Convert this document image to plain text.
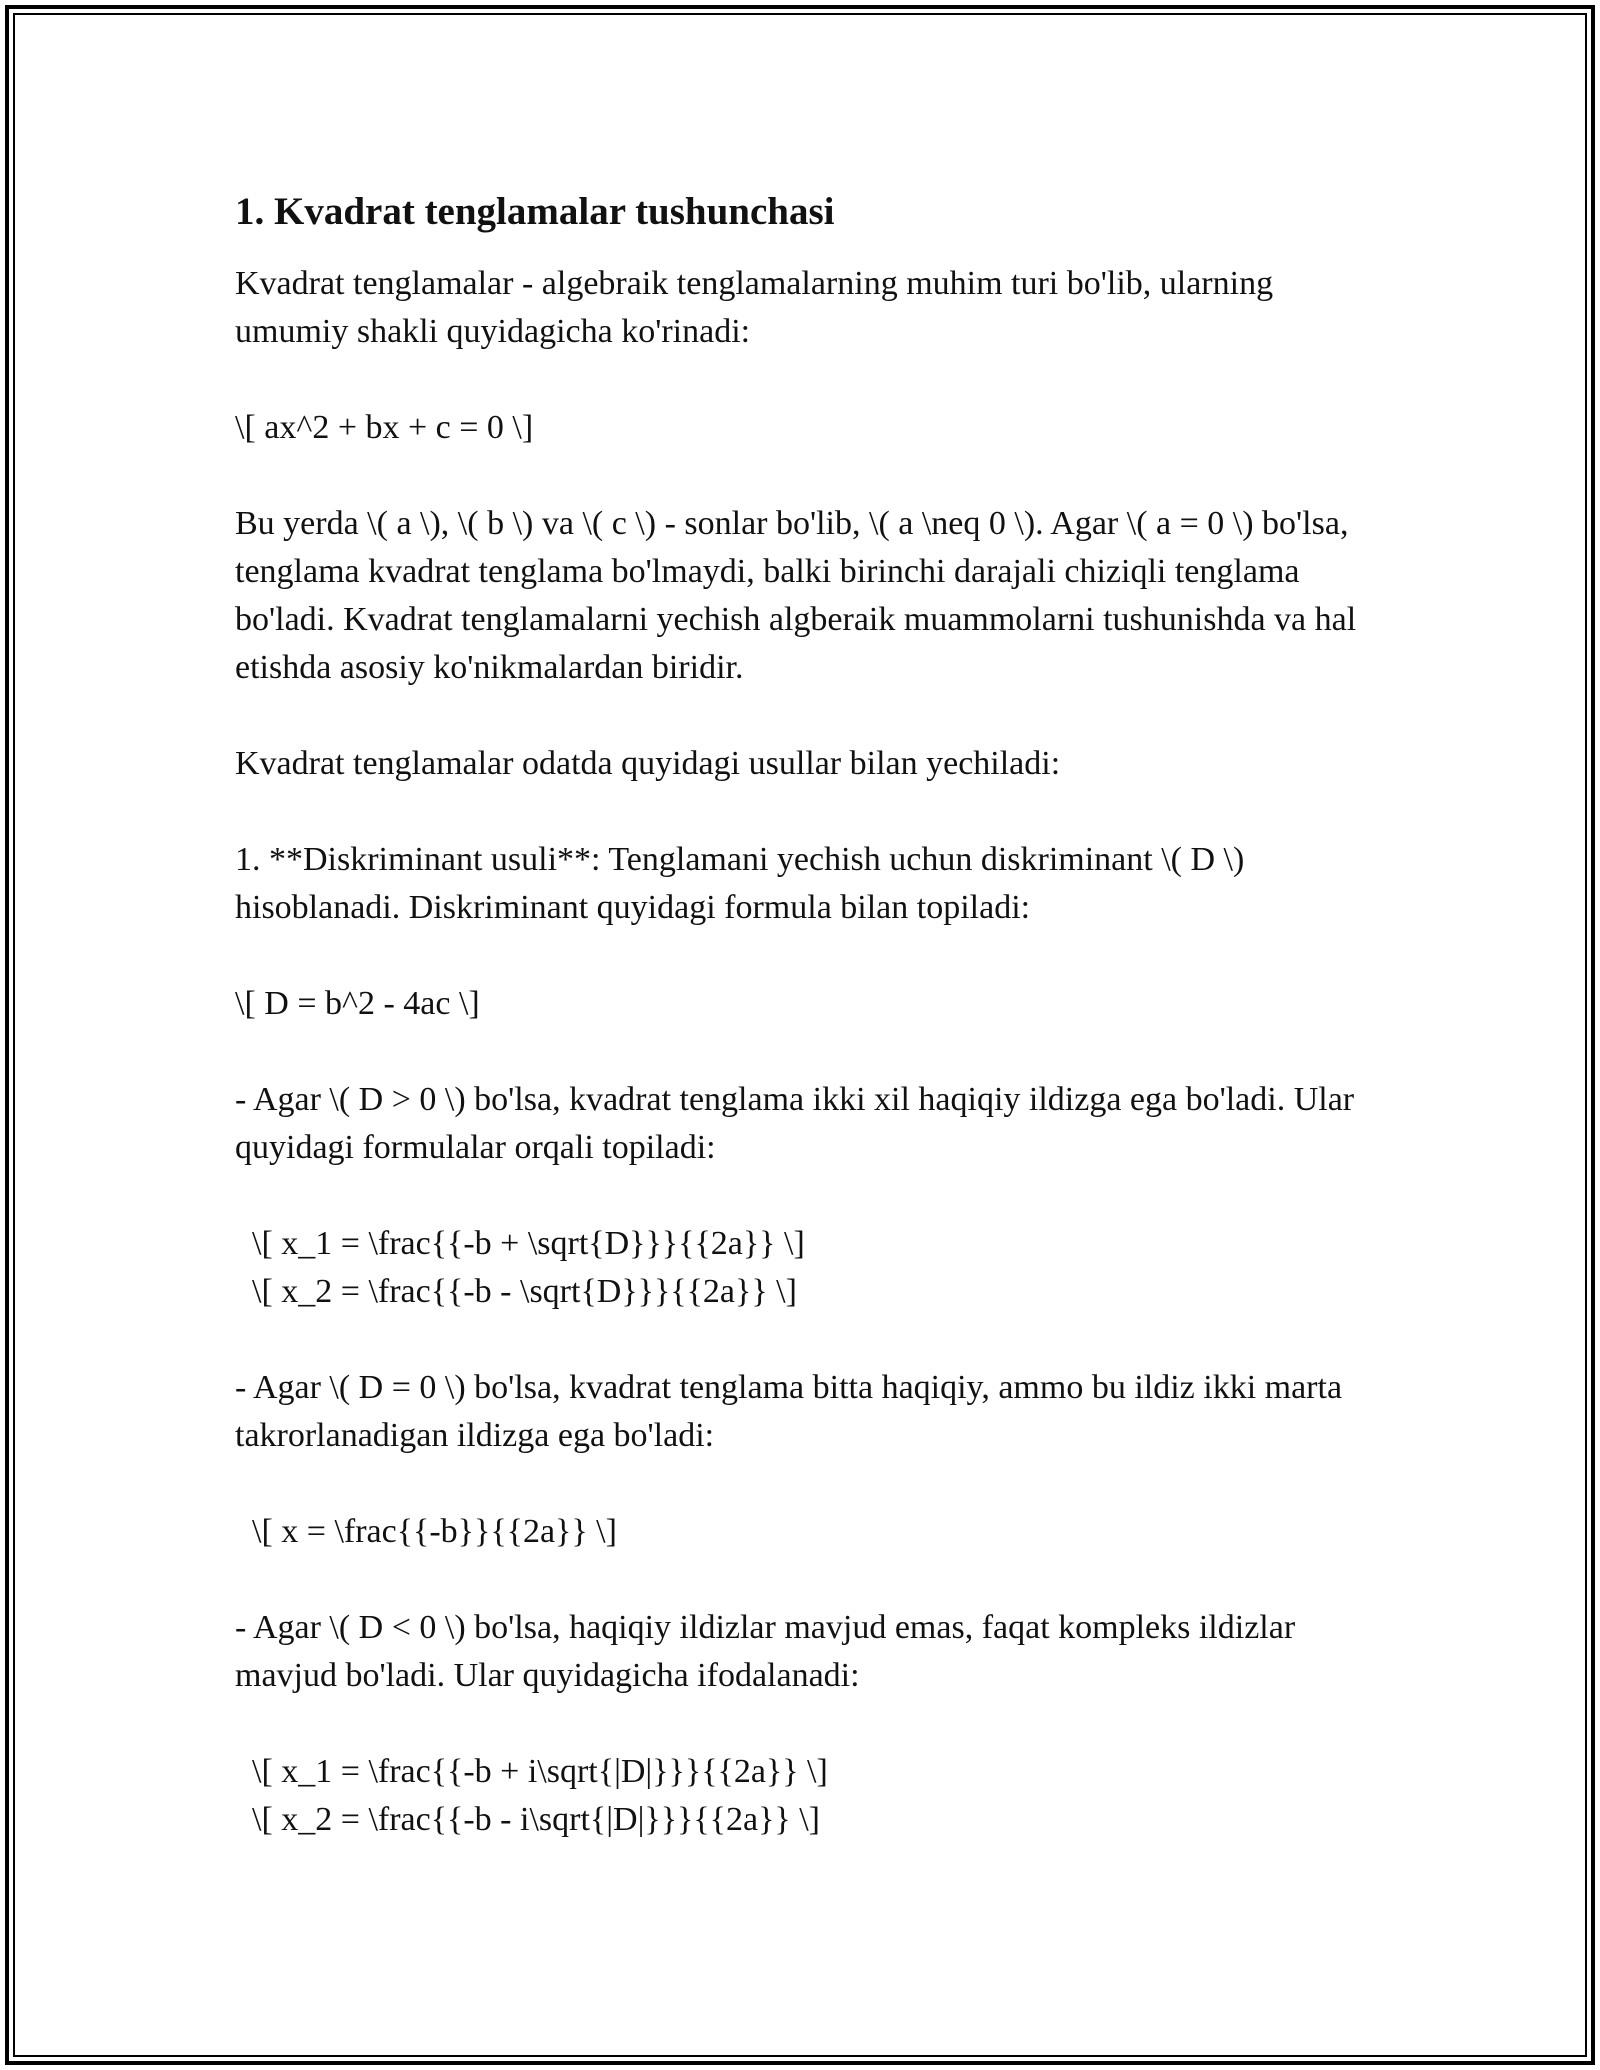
1. Kvadrat tenglamalar tushunchasi

Kvadrat tenglamalar - algebraik tenglamalarning muhim turi bo'lib, ularning umumiy shakli quyidagicha ko'rinadi:

\[ ax^2 + bx + c = 0 \]

Bu yerda \( a \), \( b \) va \( c \) - sonlar bo'lib, \( a \neq 0 \). Agar \( a = 0 \) bo'lsa, tenglama kvadrat tenglama bo'lmaydi, balki birinchi darajali chiziqli tenglama bo'ladi. Kvadrat tenglamalarni yechish algberaik muammolarni tushunishda va hal etishda asosiy ko'nikmalardan biridir.

Kvadrat tenglamalar odatda quyidagi usullar bilan yechiladi:

1. **Diskriminant usuli**: Tenglamani yechish uchun diskriminant \( D \) hisoblanadi. Diskriminant quyidagi formula bilan topiladi:

\[ D = b^2 - 4ac \]

- Agar \( D > 0 \) bo'lsa, kvadrat tenglama ikki xil haqiqiy ildizga ega bo'ladi. Ular quyidagi formulalar orqali topiladi:

\[ x_1 = \frac{{-b + \sqrt{D}}}{{2a}} \]

\[ x_2 = \frac{{-b - \sqrt{D}}}{{2a}} \]

- Agar \( D = 0 \) bo'lsa, kvadrat tenglama bitta haqiqiy, ammo bu ildiz ikki marta takrorlanadigan ildizga ega bo'ladi:

\[ x = \frac{{-b}}{{2a}} \]

- Agar \( D < 0 \) bo'lsa, haqiqiy ildizlar mavjud emas, faqat kompleks ildizlar mavjud bo'ladi. Ular quyidagicha ifodalanadi:

\[ x_1 = \frac{{-b + i\sqrt{|D|}}}{{2a}} \]

\[ x_2 = \frac{{-b - i\sqrt{|D|}}}{{2a}} \]
